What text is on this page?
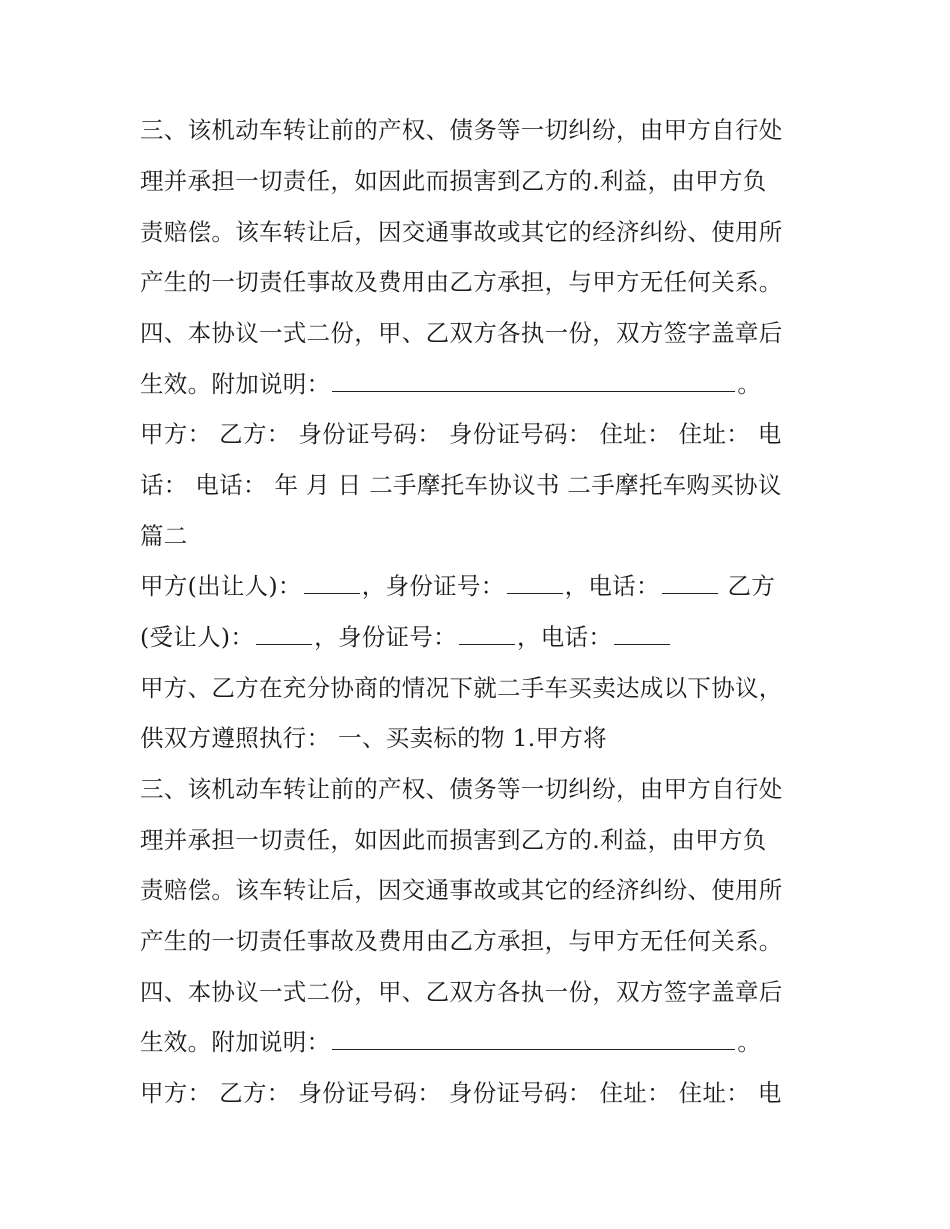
三、该机动车转让前的产权、债务等一切纠纷，由甲方自行处
理并承担一切责任，如因此而损害到乙方的.利益，由甲方负
责赔偿。该车转让后，因交通事故或其它的经济纠纷、使用所
产生的一切责任事故及费用由乙方承担，与甲方无任何关系。
四、本协议一式二份，甲、乙双方各执一份，双方签字盖章后
生效。附加说明：	。
甲方： 乙方： 身份证号码： 身份证号码： 住址： 住址： 电
话： 电话： 年 月 日 二手摩托车协议书 二手摩托车购买协议
篇二
甲方(出让人)：	，身份证号：	，电话：	乙方
(受让人)：	，身份证号：	，电话：
甲方、乙方在充分协商的情况下就二手车买卖达成以下协议，
供双方遵照执行： 一、买卖标的物 1.甲方将
三、该机动车转让前的产权、债务等一切纠纷，由甲方自行处
理并承担一切责任，如因此而损害到乙方的.利益，由甲方负
责赔偿。该车转让后，因交通事故或其它的经济纠纷、使用所
产生的一切责任事故及费用由乙方承担，与甲方无任何关系。
四、本协议一式二份，甲、乙双方各执一份，双方签字盖章后
生效。附加说明：	。
甲方： 乙方： 身份证号码： 身份证号码： 住址： 住址： 电
